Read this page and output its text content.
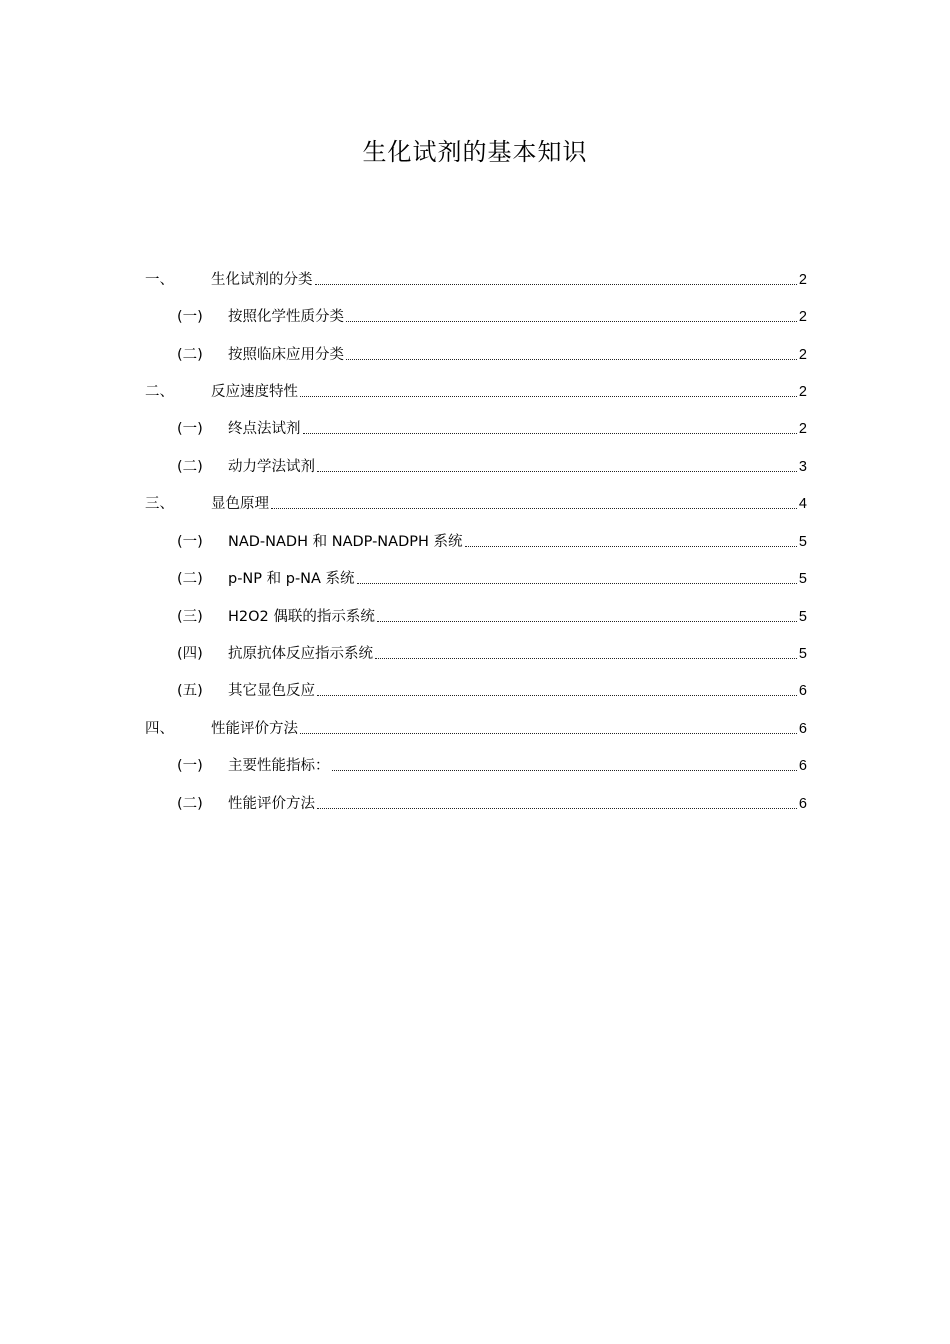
生化试剂的基本知识
一、	生化试剂的分类	2
(一)	按照化学性质分类	2
(二)	按照临床应用分类	2
二、	反应速度特性	2
(一)	终点法试剂	2
(二)	动力学法试剂	3
三、	显色原理	4
(一)	NAD-NADH 和 NADP-NADPH 系统	5
(二)	p-NP 和 p-NA 系统	5
(三)	H2O2 偶联的指示系统	5
(四)	抗原抗体反应指示系统	5
(五)	其它显色反应	6
四、	性能评价方法	6
(一)	主要性能指标：	6
(二)	性能评价方法	6
